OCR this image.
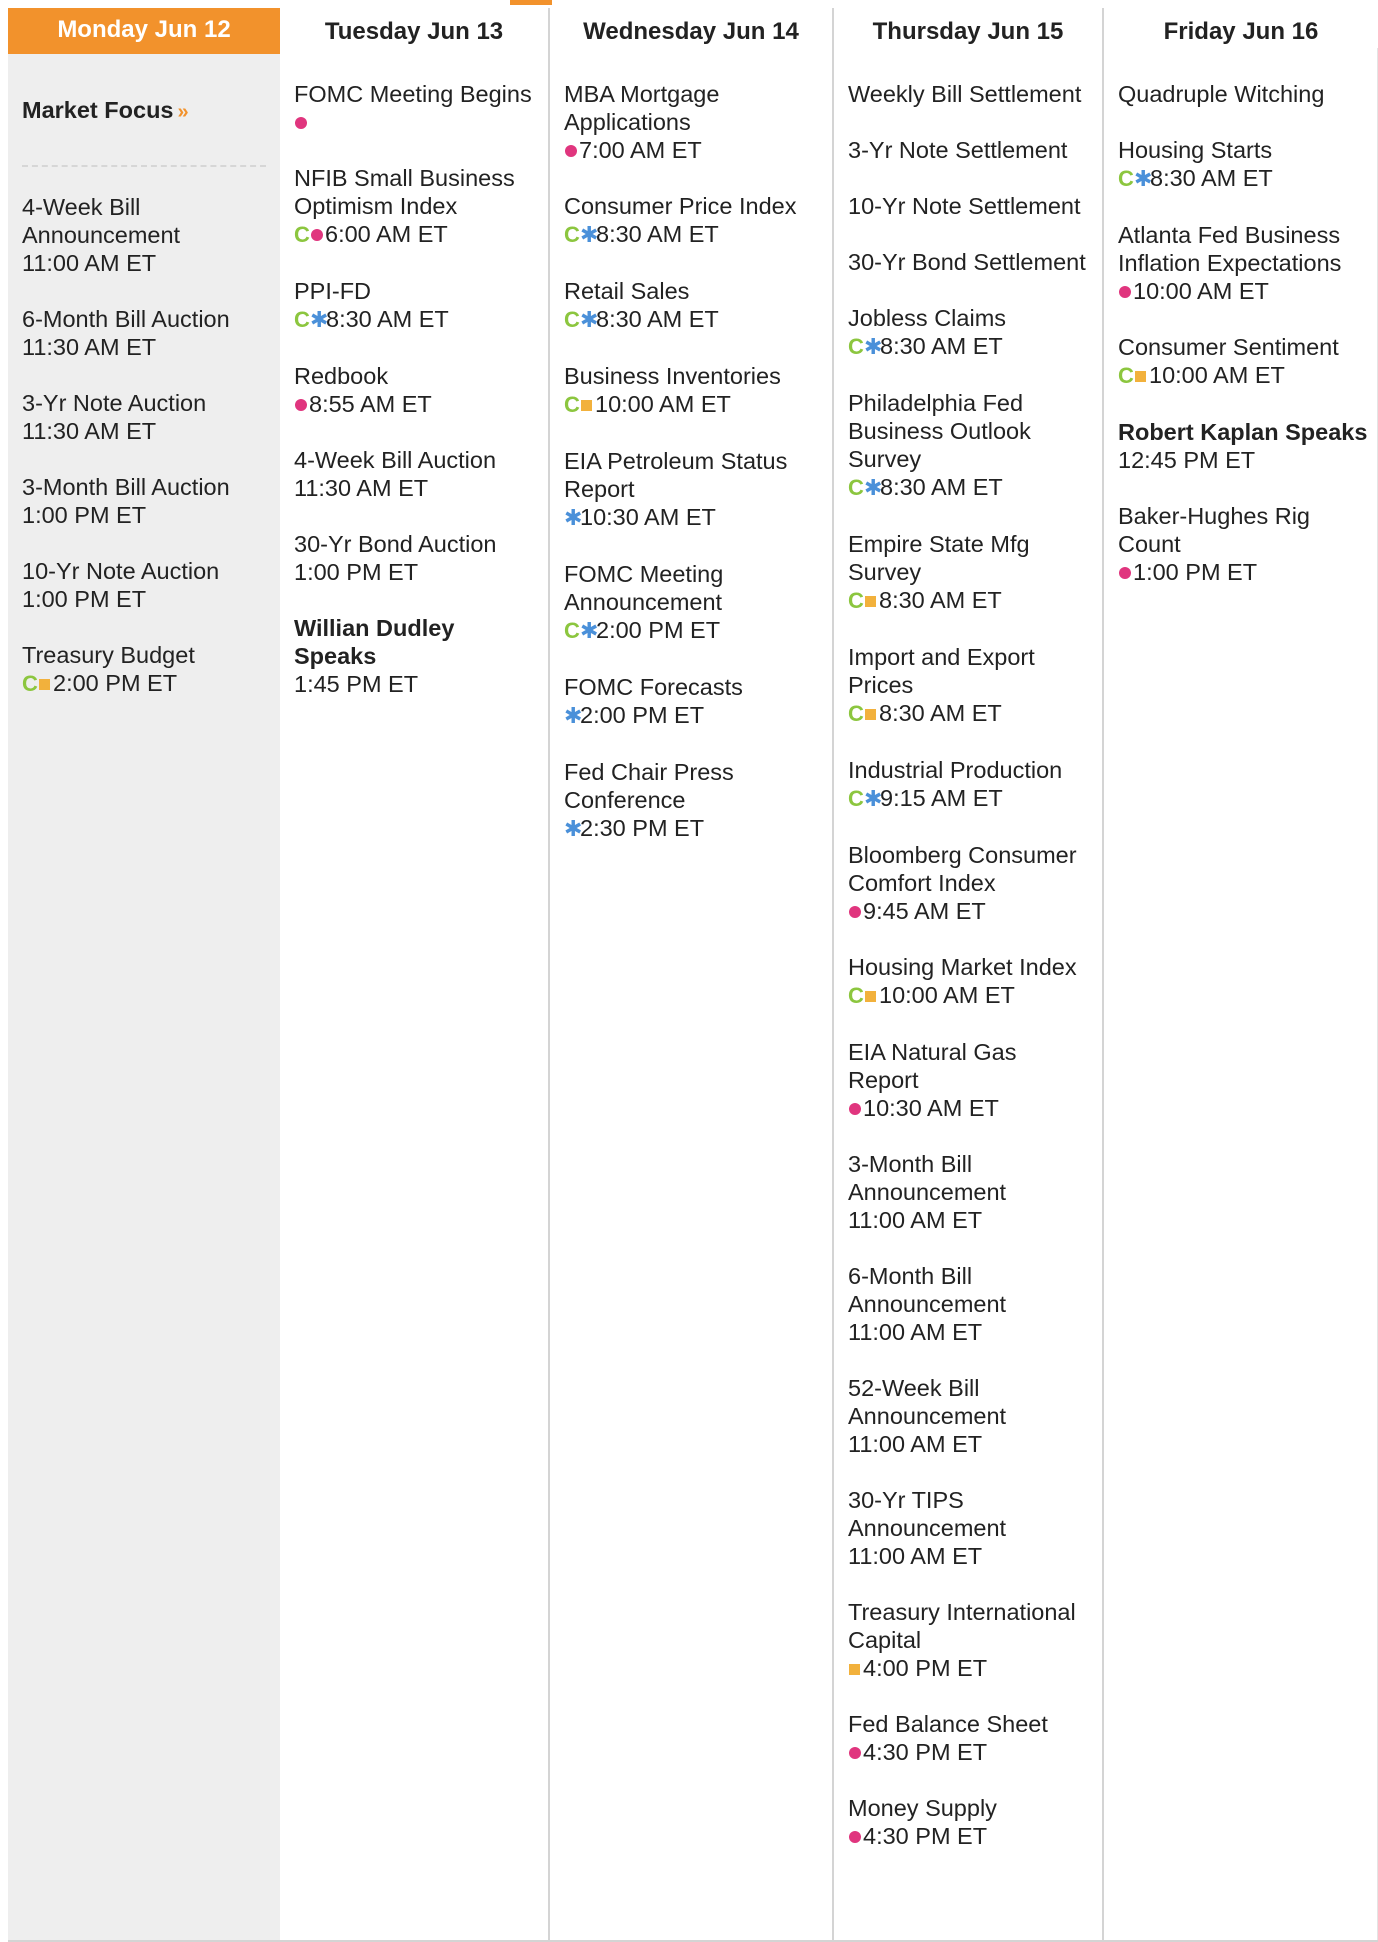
Monday Jun 12
Market Focus »
4-Week Bill Announcement
11:00 AM ET
6-Month Bill Auction
11:30 AM ET
3-Yr Note Auction
11:30 AM ET
3-Month Bill Auction
1:00 PM ET
10-Yr Note Auction
1:00 PM ET
Treasury Budget
C 2:00 PM ET
Tuesday Jun 13
FOMC Meeting Begins
NFIB Small Business Optimism Index
C 6:00 AM ET
PPI-FD
C✱8:30 AM ET
Redbook
8:55 AM ET
4-Week Bill Auction
11:30 AM ET
30-Yr Bond Auction
1:00 PM ET
Willian Dudley Speaks
1:45 PM ET
Wednesday Jun 14
MBA Mortgage Applications
7:00 AM ET
Consumer Price Index
C✱8:30 AM ET
Retail Sales
C✱8:30 AM ET
Business Inventories
C 10:00 AM ET
EIA Petroleum Status Report
✱10:30 AM ET
FOMC Meeting Announcement
C✱2:00 PM ET
FOMC Forecasts
✱2:00 PM ET
Fed Chair Press Conference
✱2:30 PM ET
Thursday Jun 15
Weekly Bill Settlement
3-Yr Note Settlement
10-Yr Note Settlement
30-Yr Bond Settlement
Jobless Claims
C✱8:30 AM ET
Philadelphia Fed Business Outlook Survey
C✱8:30 AM ET
Empire State Mfg Survey
C 8:30 AM ET
Import and Export Prices
C 8:30 AM ET
Industrial Production
C✱9:15 AM ET
Bloomberg Consumer Comfort Index
9:45 AM ET
Housing Market Index
C 10:00 AM ET
EIA Natural Gas Report
10:30 AM ET
3-Month Bill Announcement
11:00 AM ET
6-Month Bill Announcement
11:00 AM ET
52-Week Bill Announcement
11:00 AM ET
30-Yr TIPS Announcement
11:00 AM ET
Treasury International Capital
4:00 PM ET
Fed Balance Sheet
4:30 PM ET
Money Supply
4:30 PM ET
Friday Jun 16
Quadruple Witching
Housing Starts
C✱8:30 AM ET
Atlanta Fed Business Inflation Expectations
10:00 AM ET
Consumer Sentiment
C 10:00 AM ET
Robert Kaplan Speaks
12:45 PM ET
Baker-Hughes Rig Count
1:00 PM ET
